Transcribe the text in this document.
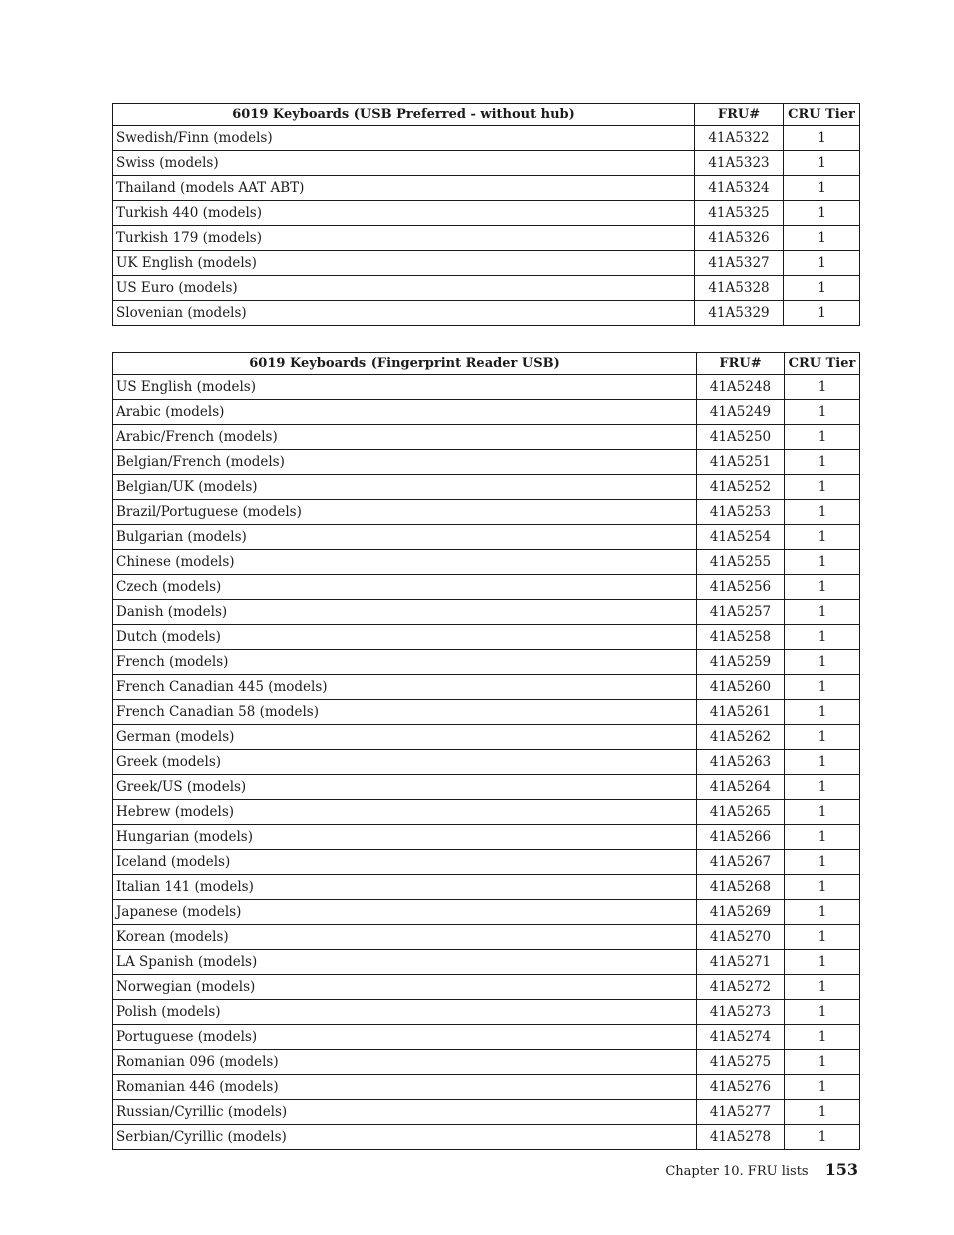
6019 Keyboards (USB Preferred - without hub)	FRU#	CRU Tier
Swedish/Finn (models)	41A5322	1
Swiss (models)	41A5323	1
Thailand (models AAT ABT)	41A5324	1
Turkish 440 (models)	41A5325	1
Turkish 179 (models)	41A5326	1
UK English (models)	41A5327	1
US Euro (models)	41A5328	1
Slovenian (models)	41A5329	1
6019 Keyboards (Fingerprint Reader USB)	FRU#	CRU Tier
US English (models)	41A5248	1
Arabic (models)	41A5249	1
Arabic/French (models)	41A5250	1
Belgian/French (models)	41A5251	1
Belgian/UK (models)	41A5252	1
Brazil/Portuguese (models)	41A5253	1
Bulgarian (models)	41A5254	1
Chinese (models)	41A5255	1
Czech (models)	41A5256	1
Danish (models)	41A5257	1
Dutch (models)	41A5258	1
French (models)	41A5259	1
French Canadian 445 (models)	41A5260	1
French Canadian 58 (models)	41A5261	1
German (models)	41A5262	1
Greek (models)	41A5263	1
Greek/US (models)	41A5264	1
Hebrew (models)	41A5265	1
Hungarian (models)	41A5266	1
Iceland (models)	41A5267	1
Italian 141 (models)	41A5268	1
Japanese (models)	41A5269	1
Korean (models)	41A5270	1
LA Spanish (models)	41A5271	1
Norwegian (models)	41A5272	1
Polish (models)	41A5273	1
Portuguese (models)	41A5274	1
Romanian 096 (models)	41A5275	1
Romanian 446 (models)	41A5276	1
Russian/Cyrillic (models)	41A5277	1
Serbian/Cyrillic (models)	41A5278	1
Chapter 10. FRU lists 153
